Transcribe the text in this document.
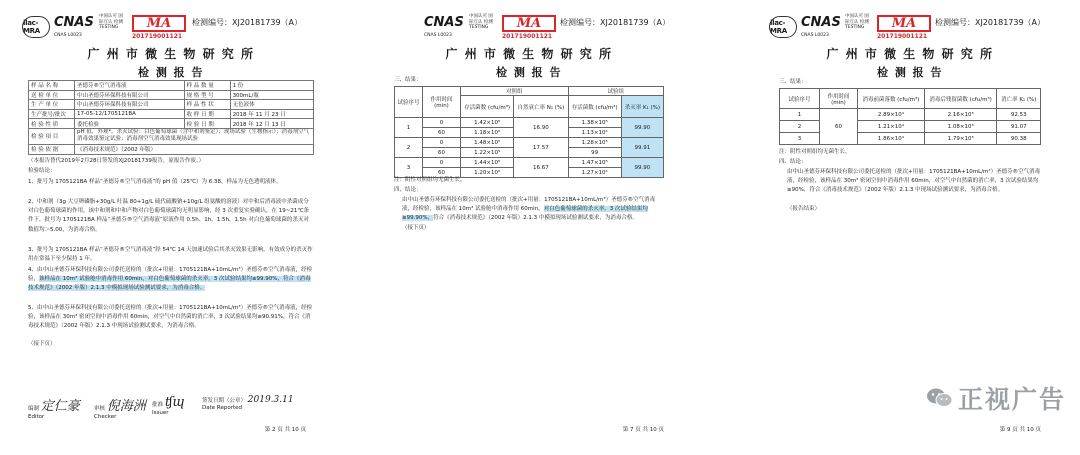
ilac-MRA
CNAS
CNAS L0023
中国认可 国际互认 检测 TESTING	MA
201719001121
检测编号：XJ20181739（A）
广 州 市 微 生 物 研 究 所
检 测 报 告
样 品 名 称	圣德芬®空气消毒液	样 品 数 量	1 份
送 检 单 位	中山圣德芬环保科技有限公司	规 格 型 号	300mL/瓶
生 产 单 位	中山圣德芬环保科技有限公司	样 品 性 状	无色液体
生产批号/批次	17-05-12/1705121BA	收 样 日 期	2018 年 11 月 23 日
检 验 性 质	委托检验	检 验 日 期	2018 年 12 月 13 日
检 验 项 目	pH 值，外观*，杀灭试验：白色葡萄球菌（含中和剂鉴定）；现场试验（生物指示）；消毒剂空气消毒效果鉴定试验；消毒剂空气消毒效果现场试验		
检 验 依 据	《消毒技术规范》（2002 年版）		
（本报告替代2019年2月28日签发的XJ20181739报告，原报告作废。）
检验结论：
1、批号为 1705121BA 样品“圣德芬®空气消毒液”的 pH 值（25℃）为 6.38，样品为无色透明液体。
2、中和剂（3g 大豆卵磷脂+30g/L 吐温 80+1g/L 硫代硫酸钠+10g/L 组氨酸的溶液）对中和后消毒液中杀菌成分对白色葡萄球菌的作用，该中和剂和中和产物对白色葡萄球菌均无明显影响，经 3 次重复实验确认，在 19~21℃条件下，批号为 1705121BA 样品“圣德芬®空气消毒液”原液作用 0.5h、1h、1.5h、1.5h 对白色葡萄球菌的杀灭对数值均＞5.00，为消毒合格。
3、批号为 1705121BA 样品“圣德芬®空气消毒液”经 54℃ 14 天加速试验后其杀灭效果无影响，有效成分的杀灭作用在常温下至少保持 1 年。
4、由中山圣德芬环保科技有限公司委托送检的（批次+用量：1705121BA+10mL/m³）圣德芬®空气消毒液，经检验，该样品在 10m³ 试验舱中消毒作用 60min，对白色葡萄球菌的杀灭率，3 次试验结果均≥99.90%，符合《消毒技术规范》（2002 年版）2.1.3 中模拟现场试验测试要求，为消毒合格。
5、由中山圣德芬环保科技有限公司委托送检的（批次+用量：1705121BA+10mL/m³）圣德芬®空气消毒液，经检验，该样品在 30m³ 密闭空间中消毒作用 60min，对空气中自然菌的消亡率，3 次试验结果均≥90.91%，符合《消毒技术规范》（2002 年版）2.1.3 中现场试验测试要求，为消毒合格。
（接下页）
编制 定仁豪
Editor
审核 倪海洲
Checker
批准 ʧɰ
Issuer
签发日期（公章） 2019.3.11
Date Reported
第 2 页 共 10 页
CNAS
CNAS L0023
中国认可 国际互认 检测 TESTING	MA
201719001121
检测编号：XJ20181739（A）
广 州 市 微 生 物 研 究 所
检 测 报 告
三、结果：
试验序号	作用时间 (min)	对照组		试验组	
		存活菌数 (cfu/m³)	自然衰亡率 N₁ (%)	存活菌数 (cfu/m³)	杀灭率 K₁ (%)
1	0	1.42×10⁵	16.90	1.38×10⁵	99.90
	60	1.18×10⁵		1.13×10²	
2	0	1.48×10⁵	17.57	1.28×10⁵	99.91
	60	1.22×10⁵		99	
3	0	1.44×10⁵	16.67	1.47×10⁵	99.90
	60	1.20×10⁵		1.27×10²	
注：阴性对照组均无菌生长。
四、结论：
由中山圣德芬环保科技有限公司委托送检的（批次+用量：1705121BA+10mL/m³）圣德芬®空气消毒液，经检验，该样品在 10m³ 试验舱中消毒作用 60min，对白色葡萄球菌的杀灭率，3 次试验结果均≥99.90%，符合《消毒技术规范》（2002 年版）2.1.3 中模拟现场试验测试要求，为消毒合格。
（接下页）
第 7 页 共 10 页
ilac-MRA
CNAS
CNAS L0023
中国认可 国际互认 检测 TESTING	MA
201719001121
检测编号：XJ20181739（A）
广 州 市 微 生 物 研 究 所
检 测 报 告
三、结果：
试验序号	作用时间 (min)	消毒前菌落数 (cfu/m³)	消毒后残留菌数 (cfu/m³)	消亡率 K₁ (%)
1	60	2.89×10⁴	2.16×10³	92.53
2		1.21×10⁴	1.08×10³	91.07
3		1.86×10⁴	1.79×10³	90.38
注：阴性对照组均无菌生长。
四、结论：
由中山圣德芬环保科技有限公司委托送检的（批次+用量：1705121BA+10mL/m³）圣德芬®空气消毒液，经检验，该样品在 30m³ 密闭空间中消毒作用 60min，对空气中自然菌的消亡率，3 次试验结果均≥90%，符合《消毒技术规范》（2002 年版）2.1.3 中现场试验测试要求，为消毒合格。
（报告结束）
第 9 页 共 10 页
正视广告
